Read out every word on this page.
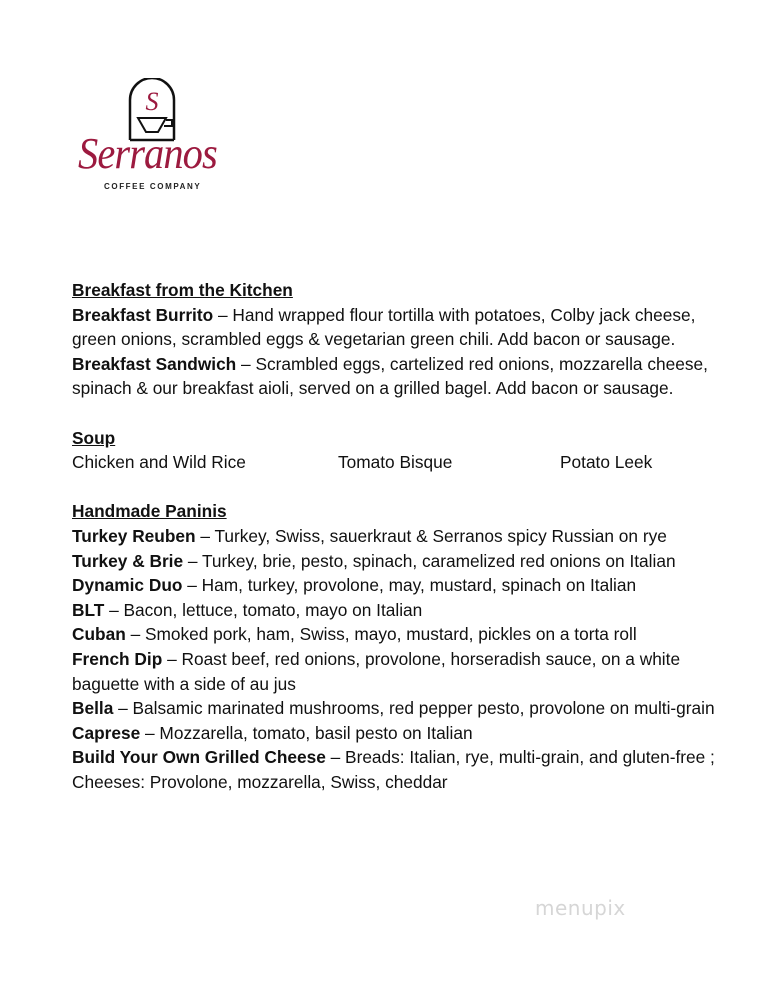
S
Serranos
COFFEE COMPANY

Breakfast from the Kitchen

Breakfast Burrito – Hand wrapped flour tortilla with potatoes, Colby jack cheese, green onions, scrambled eggs & vegetarian green chili. Add bacon or sausage.

Breakfast Sandwich – Scrambled eggs, cartelized red onions, mozzarella cheese, spinach & our breakfast aioli, served on a grilled bagel. Add bacon or sausage.

Soup

Chicken and Wild Rice	Tomato Bisque	Potato Leek

Handmade Paninis

Turkey Reuben – Turkey, Swiss, sauerkraut & Serranos spicy Russian on rye

Turkey & Brie – Turkey, brie, pesto, spinach, caramelized red onions on Italian

Dynamic Duo – Ham, turkey, provolone, may, mustard, spinach on Italian

BLT – Bacon, lettuce, tomato, mayo on Italian

Cuban – Smoked pork, ham, Swiss, mayo, mustard, pickles on a torta roll

French Dip – Roast beef, red onions, provolone, horseradish sauce, on a white baguette with a side of au jus

Bella – Balsamic marinated mushrooms, red pepper pesto, provolone on multi-grain

Caprese – Mozzarella, tomato, basil pesto on Italian

Build Your Own Grilled Cheese – Breads: Italian, rye, multi-grain, and gluten-free ; Cheeses: Provolone, mozzarella, Swiss, cheddar

menupix
